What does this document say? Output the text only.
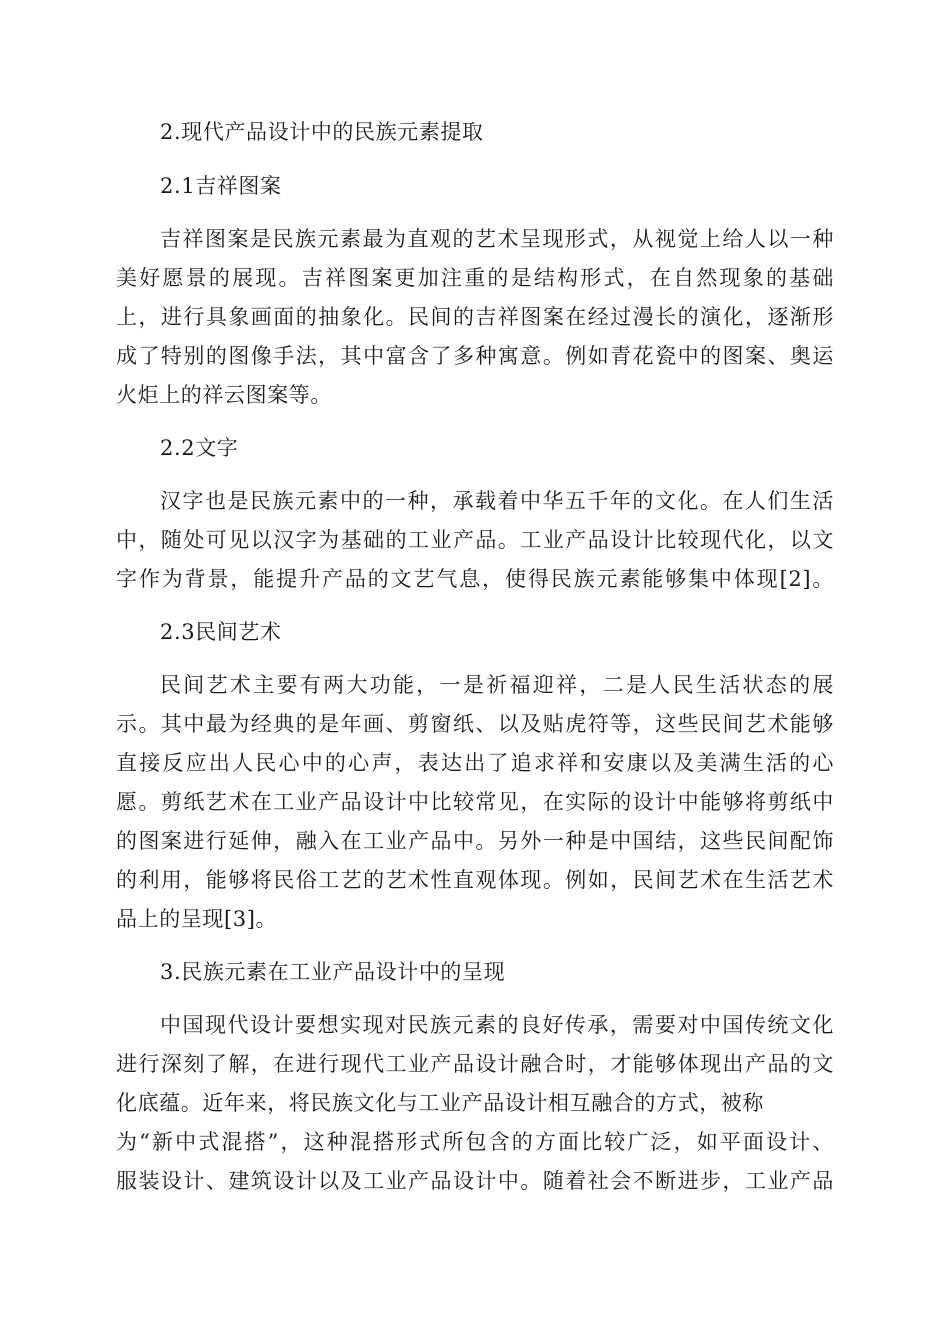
2.现代产品设计中的民族元素提取
2.1吉祥图案
吉祥图案是民族元素最为直观的艺术呈现形式，从视觉上给人以一种
美好愿景的展现。吉祥图案更加注重的是结构形式，在自然现象的基础
上，进行具象画面的抽象化。民间的吉祥图案在经过漫长的演化，逐渐形
成了特别的图像手法，其中富含了多种寓意。例如青花瓷中的图案、奥运
火炬上的祥云图案等。
2.2文字
汉字也是民族元素中的一种，承载着中华五千年的文化。在人们生活
中，随处可见以汉字为基础的工业产品。工业产品设计比较现代化，以文
字作为背景，能提升产品的文艺气息，使得民族元素能够集中体现[2]。
2.3民间艺术
民间艺术主要有两大功能，一是祈福迎祥，二是人民生活状态的展
示。其中最为经典的是年画、剪窗纸、以及贴虎符等，这些民间艺术能够
直接反应出人民心中的心声，表达出了追求祥和安康以及美满生活的心
愿。剪纸艺术在工业产品设计中比较常见，在实际的设计中能够将剪纸中
的图案进行延伸，融入在工业产品中。另外一种是中国结，这些民间配饰
的利用，能够将民俗工艺的艺术性直观体现。例如，民间艺术在生活艺术
品上的呈现[3]。
3.民族元素在工业产品设计中的呈现
中国现代设计要想实现对民族元素的良好传承，需要对中国传统文化
进行深刻了解，在进行现代工业产品设计融合时，才能够体现出产品的文
化底蕴。近年来，将民族文化与工业产品设计相互融合的方式，被称
为“新中式混搭”，这种混搭形式所包含的方面比较广泛，如平面设计、
服装设计、建筑设计以及工业产品设计中。随着社会不断进步，工业产品
